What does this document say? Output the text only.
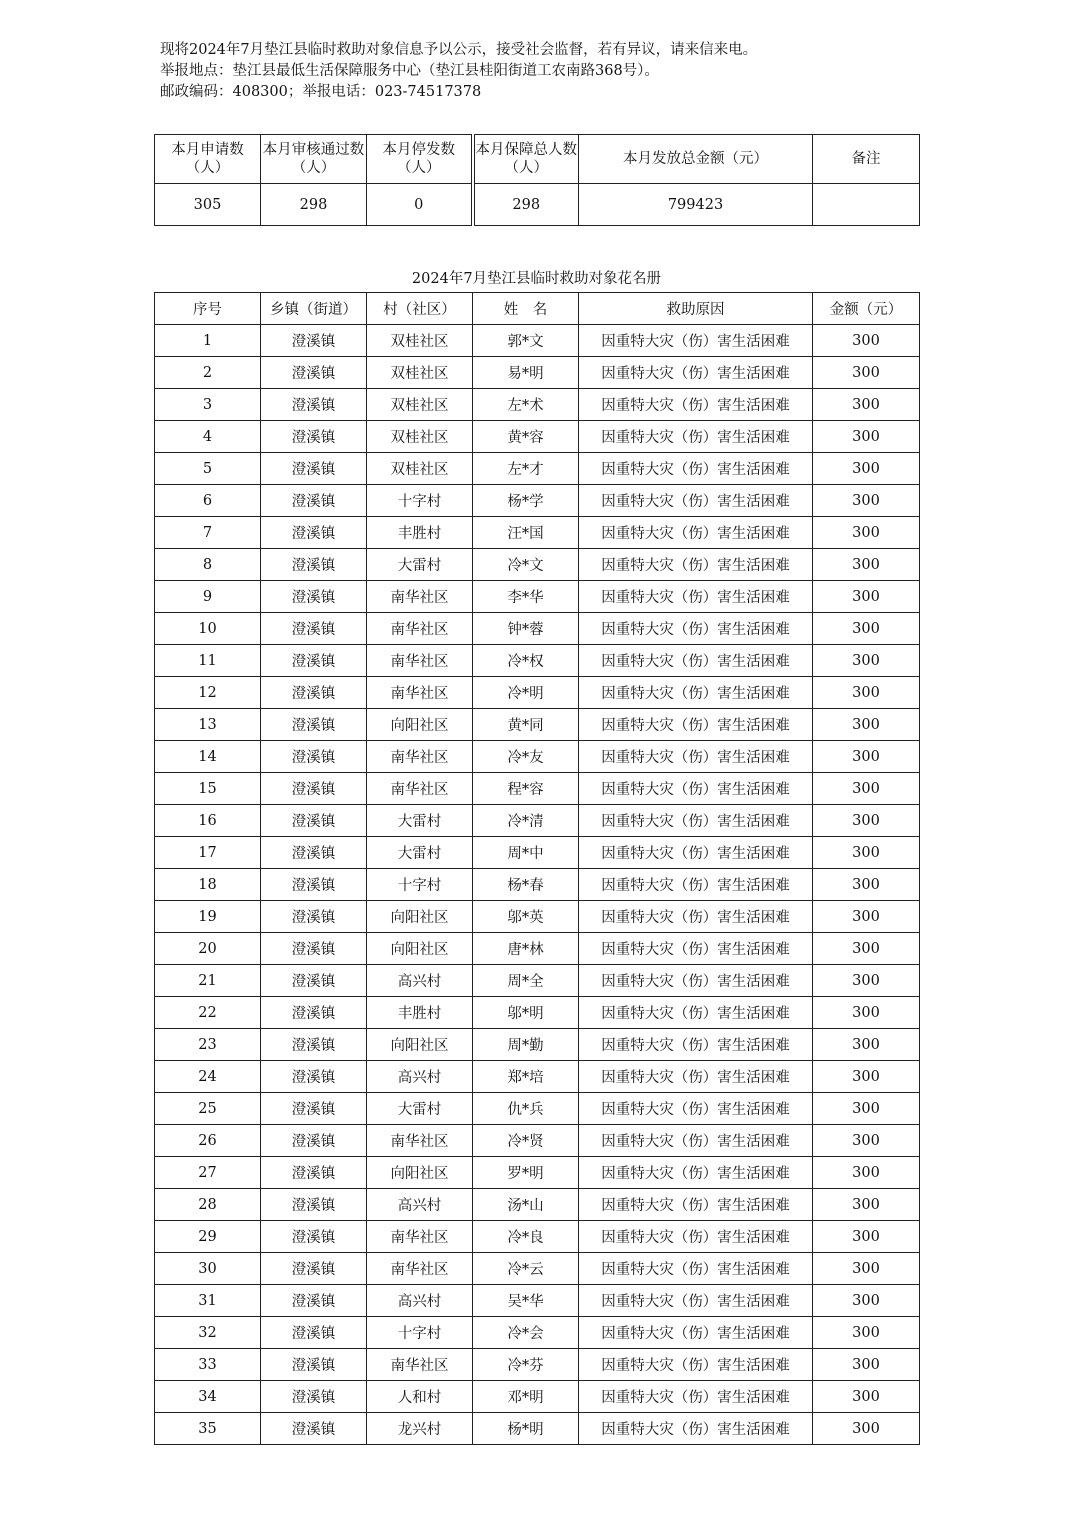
现将2024年7月垫江县临时救助对象信息予以公示，接受社会监督，若有异议，请来信来电。
举报地点：垫江县最低生活保障服务中心（垫江县桂阳街道工农南路368号）。
邮政编码：408300；举报电话：023-74517378
本月申请数（人）	本月审核通过数（人）	本月停发数（人）	本月保障总人数（人）	本月发放总金额（元）	备注
305	298	0	298	799423	
2024年7月垫江县临时救助对象花名册
序号	乡镇（街道）	村（社区）	姓　名	救助原因	金额（元）
1	澄溪镇	双桂社区	郭*文	因重特大灾（伤）害生活困难	300
2	澄溪镇	双桂社区	易*明	因重特大灾（伤）害生活困难	300
3	澄溪镇	双桂社区	左*术	因重特大灾（伤）害生活困难	300
4	澄溪镇	双桂社区	黄*容	因重特大灾（伤）害生活困难	300
5	澄溪镇	双桂社区	左*才	因重特大灾（伤）害生活困难	300
6	澄溪镇	十字村	杨*学	因重特大灾（伤）害生活困难	300
7	澄溪镇	丰胜村	汪*国	因重特大灾（伤）害生活困难	300
8	澄溪镇	大雷村	冷*文	因重特大灾（伤）害生活困难	300
9	澄溪镇	南华社区	李*华	因重特大灾（伤）害生活困难	300
10	澄溪镇	南华社区	钟*蓉	因重特大灾（伤）害生活困难	300
11	澄溪镇	南华社区	冷*权	因重特大灾（伤）害生活困难	300
12	澄溪镇	南华社区	冷*明	因重特大灾（伤）害生活困难	300
13	澄溪镇	向阳社区	黄*同	因重特大灾（伤）害生活困难	300
14	澄溪镇	南华社区	冷*友	因重特大灾（伤）害生活困难	300
15	澄溪镇	南华社区	程*容	因重特大灾（伤）害生活困难	300
16	澄溪镇	大雷村	冷*清	因重特大灾（伤）害生活困难	300
17	澄溪镇	大雷村	周*中	因重特大灾（伤）害生活困难	300
18	澄溪镇	十字村	杨*春	因重特大灾（伤）害生活困难	300
19	澄溪镇	向阳社区	邬*英	因重特大灾（伤）害生活困难	300
20	澄溪镇	向阳社区	唐*林	因重特大灾（伤）害生活困难	300
21	澄溪镇	高兴村	周*全	因重特大灾（伤）害生活困难	300
22	澄溪镇	丰胜村	邬*明	因重特大灾（伤）害生活困难	300
23	澄溪镇	向阳社区	周*勤	因重特大灾（伤）害生活困难	300
24	澄溪镇	高兴村	郑*培	因重特大灾（伤）害生活困难	300
25	澄溪镇	大雷村	仇*兵	因重特大灾（伤）害生活困难	300
26	澄溪镇	南华社区	冷*贤	因重特大灾（伤）害生活困难	300
27	澄溪镇	向阳社区	罗*明	因重特大灾（伤）害生活困难	300
28	澄溪镇	高兴村	汤*山	因重特大灾（伤）害生活困难	300
29	澄溪镇	南华社区	冷*良	因重特大灾（伤）害生活困难	300
30	澄溪镇	南华社区	冷*云	因重特大灾（伤）害生活困难	300
31	澄溪镇	高兴村	吴*华	因重特大灾（伤）害生活困难	300
32	澄溪镇	十字村	冷*会	因重特大灾（伤）害生活困难	300
33	澄溪镇	南华社区	冷*芬	因重特大灾（伤）害生活困难	300
34	澄溪镇	人和村	邓*明	因重特大灾（伤）害生活困难	300
35	澄溪镇	龙兴村	杨*明	因重特大灾（伤）害生活困难	300
